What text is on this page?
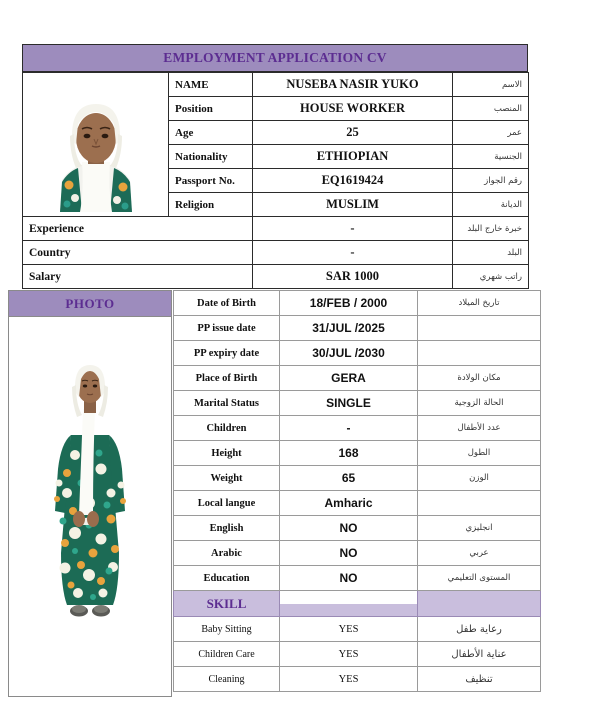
EMPLOYMENT APPLICATION CV
	NAME	NUSEBA NASIR YUKO	الاسم
	Position	HOUSE WORKER	المنصب
	Age	25	عمر
	Nationality	ETHIOPIAN	الجنسية
	Passport No.	EQ1619424	رقم الجواز
	Religion	MUSLIM	الديانة
Experience		-	خبرة خارج البلد
Country		-	البلد
Salary		SAR 1000	راتب شهري
PHOTO	Date of Birth	18/FEB / 2000	تاريخ الميلاد
PP issue date	31/JUL /2025	
PP expiry date	30/JUL /2030	
Place of Birth	GERA	مكان الولادة
Marital Status	SINGLE	الحالة الزوجية
Children	-	عدد الأطفال
Height	168	الطول
Weight	65	الوزن
Local langue	Amharic	
English	NO	انجليزي
Arabic	NO	عربي
Education	NO	المستوى التعليمي
SKILL	

Baby Sitting	YES	رعاية طفل
Children Care	YES	عناية الأطفال
Cleaning	YES	تنظيف
